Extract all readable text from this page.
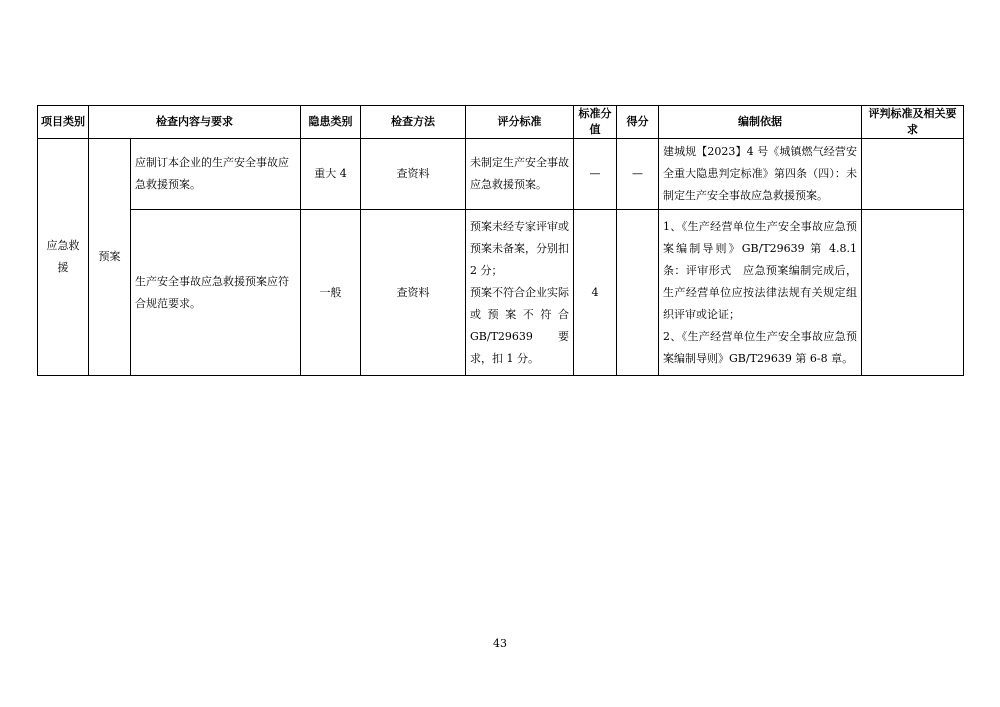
项目类别	检查内容与要求		隐患类别	检查方法	评分标准	标准分值	得分	编制依据	评判标准及相关要求
应急救援	预案	应制订本企业的生产安全事故应急救援预案。	重大 4	查资料	未制定生产安全事故应急救援预案。	—	—	建城规【2023】4 号《城镇燃气经营安全重大隐患判定标准》第四条（四）：未制定生产安全事故应急救援预案。	

		生产安全事故应急救援预案应符合规范要求。	一般	查资料	预案未经专家评审或预案未备案，分别扣 2 分；
预案不符合企业实际或预案不符合 GB/T29639 要求，扣 1 分。	4		1、《生产经营单位生产安全事故应急预案编制导则》GB/T29639 第 4.8.1 条：评审形式　应急预案编制完成后，生产经营单位应按法律法规有关规定组织评审或论证；
2、《生产经营单位生产安全事故应急预案编制导则》GB/T29639 第 6-8 章。	

43
